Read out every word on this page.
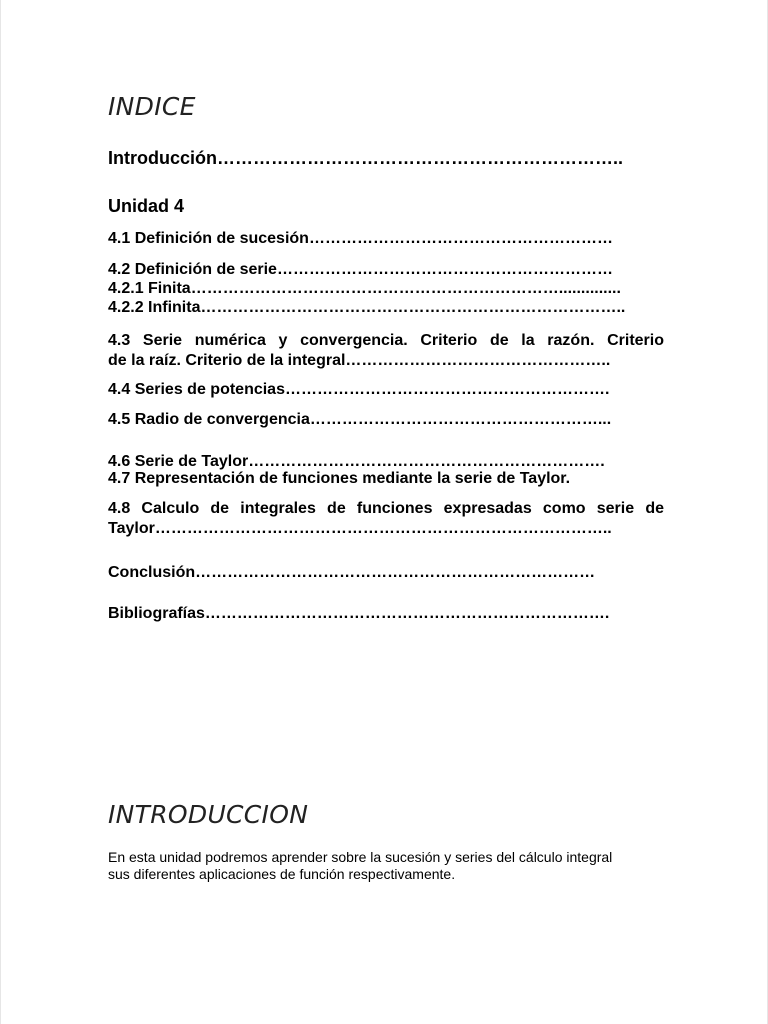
INDICE
Introducción…………………………………………………………..
Unidad 4
4.1 Definición de sucesión…………………………………………………
4.2 Definición de serie………………………………………………………
4.2.1 Finita……………………………………………………………..............
4.2.2 Infinita……………………………………………………………………..
4.3 Serie numérica y convergencia. Criterio de la razón. Criterio
de la raíz. Criterio de la integral…………………………………………..
4.4 Series de potencias…………………………………………………….
4.5 Radio de convergencia………………………………………………...
4.6 Serie de Taylor………………………………………………………….
4.7 Representación de funciones mediante la serie de Taylor.
4.8 Calculo de integrales de funciones expresadas como serie de
Taylor…………………………………………………………………………..
Conclusión…………………………………………………………………
Bibliografías………………………………………………………………….
INTRODUCCION
En esta unidad podremos aprender sobre la sucesión y series del cálculo integral
sus diferentes aplicaciones de función respectivamente.
